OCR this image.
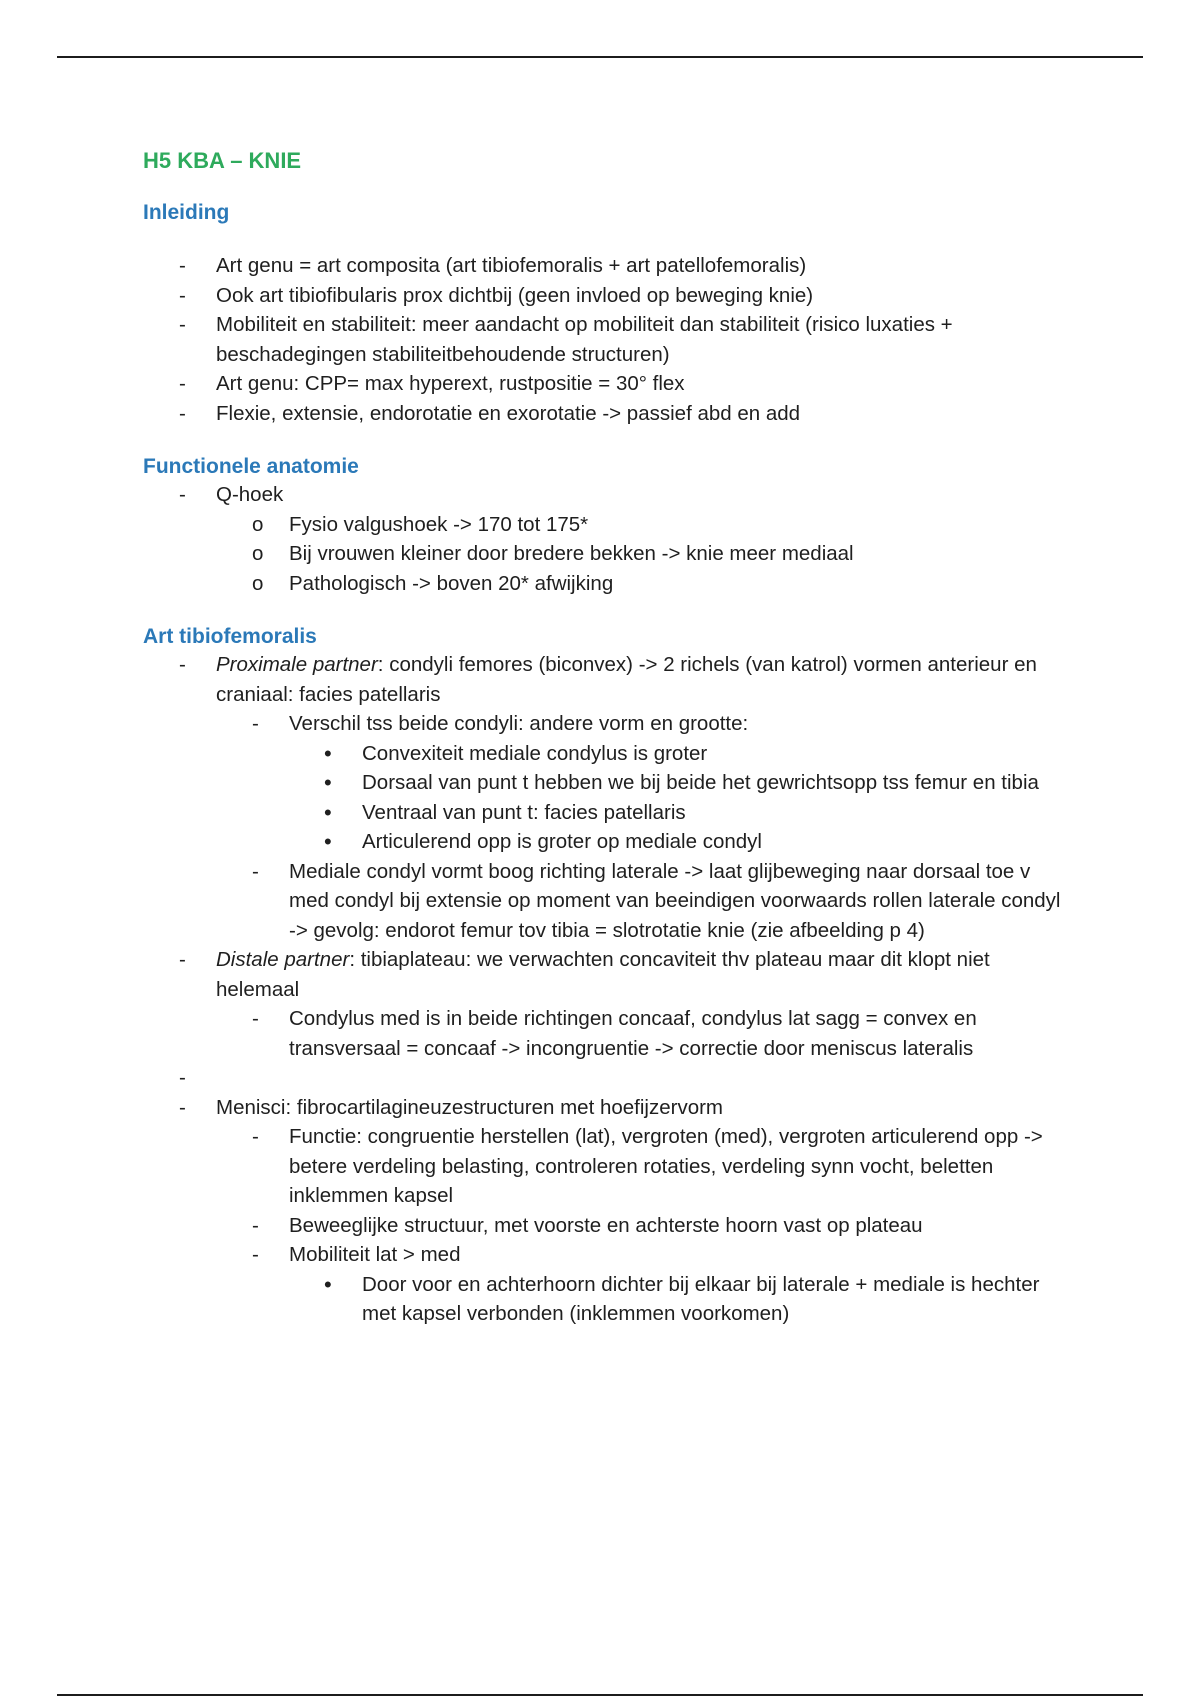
H5 KBA – KNIE
Inleiding
- Art genu = art composita (art tibiofemoralis + art patellofemoralis)
- Ook art tibiofibularis prox dichtbij (geen invloed op beweging knie)
- Mobiliteit en stabiliteit: meer aandacht op mobiliteit dan stabiliteit (risico luxaties + beschadegingen stabiliteitbehoudende structuren)
- Art genu: CPP= max hyperext, rustpositie = 30° flex
- Flexie, extensie, endorotatie en exorotatie -> passief abd en add
Functionele anatomie
- Q-hoek
o Fysio valgushoek -> 170 tot 175*
o Bij vrouwen kleiner door bredere bekken -> knie meer mediaal
o Pathologisch -> boven 20* afwijking
Art tibiofemoralis
- Proximale partner: condyli femores (biconvex) -> 2 richels (van katrol) vormen anterieur en craniaal: facies patellaris
- Verschil tss beide condyli: andere vorm en grootte:
• Convexiteit mediale condylus is groter
• Dorsaal van punt t hebben we bij beide het gewrichtsopp tss femur en tibia
• Ventraal van punt t: facies patellaris
• Articulerend opp is groter op mediale condyl
- Mediale condyl vormt boog richting laterale -> laat glijbeweging naar dorsaal toe v med condyl bij extensie op moment van beeindigen voorwaards rollen laterale condyl -> gevolg: endorot femur tov tibia = slotrotatie knie (zie afbeelding p 4)
- Distale partner: tibiaplateau: we verwachten concaviteit thv plateau maar dit klopt niet helemaal
- Condylus med is in beide richtingen concaaf, condylus lat sagg = convex en transversaal = concaaf -> incongruentie -> correctie door meniscus lateralis
-
- Menisci: fibrocartilagineuzestructuren met hoefijzervorm
- Functie: congruentie herstellen (lat), vergroten (med), vergroten articulerend opp -> betere verdeling belasting, controleren rotaties, verdeling synn vocht, beletten inklemmen kapsel
- Beweeglijke structuur, met voorste en achterste hoorn vast op plateau
- Mobiliteit lat > med
• Door voor en achterhoorn dichter bij elkaar bij laterale + mediale is hechter met kapsel verbonden (inklemmen voorkomen)
